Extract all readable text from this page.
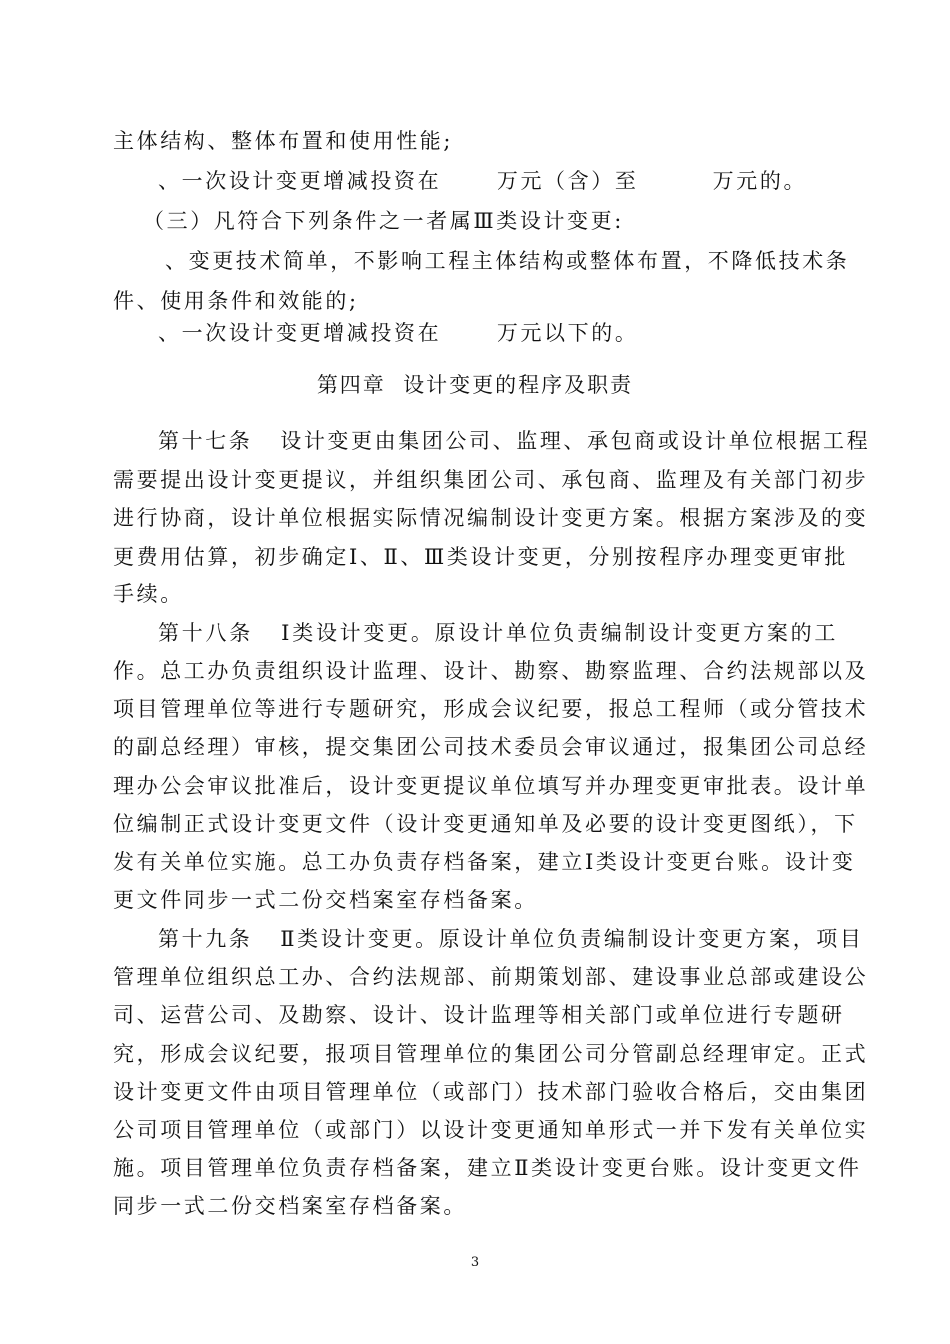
主体结构、整体布置和使用性能;
、一次设计变更增减投资在      万元（含）至        万元的。
（三）凡符合下列条件之一者属Ⅲ类设计变更:
、变更技术简单，不影响工程主体结构或整体布置，不降低技术条
件、使用条件和效能的;
、一次设计变更增减投资在      万元以下的。
第四章  设计变更的程序及职责
第十七条   设计变更由集团公司、监理、承包商或设计单位根据工程
需要提出设计变更提议，并组织集团公司、承包商、监理及有关部门初步
进行协商，设计单位根据实际情况编制设计变更方案。根据方案涉及的变
更费用估算，初步确定Ⅰ、Ⅱ、Ⅲ类设计变更，分别按程序办理变更审批
手续。
第十八条   Ⅰ类设计变更。原设计单位负责编制设计变更方案的工
作。总工办负责组织设计监理、设计、勘察、勘察监理、合约法规部以及
项目管理单位等进行专题研究，形成会议纪要，报总工程师（或分管技术
的副总经理）审核，提交集团公司技术委员会审议通过，报集团公司总经
理办公会审议批准后，设计变更提议单位填写并办理变更审批表。设计单
位编制正式设计变更文件（设计变更通知单及必要的设计变更图纸），下
发有关单位实施。总工办负责存档备案，建立Ⅰ类设计变更台账。设计变
更文件同步一式二份交档案室存档备案。
第十九条   Ⅱ类设计变更。原设计单位负责编制设计变更方案，项目
管理单位组织总工办、合约法规部、前期策划部、建设事业总部或建设公
司、运营公司、及勘察、设计、设计监理等相关部门或单位进行专题研
究，形成会议纪要，报项目管理单位的集团公司分管副总经理审定。正式
设计变更文件由项目管理单位（或部门）技术部门验收合格后，交由集团
公司项目管理单位（或部门）以设计变更通知单形式一并下发有关单位实
施。项目管理单位负责存档备案，建立Ⅱ类设计变更台账。设计变更文件
同步一式二份交档案室存档备案。
3
